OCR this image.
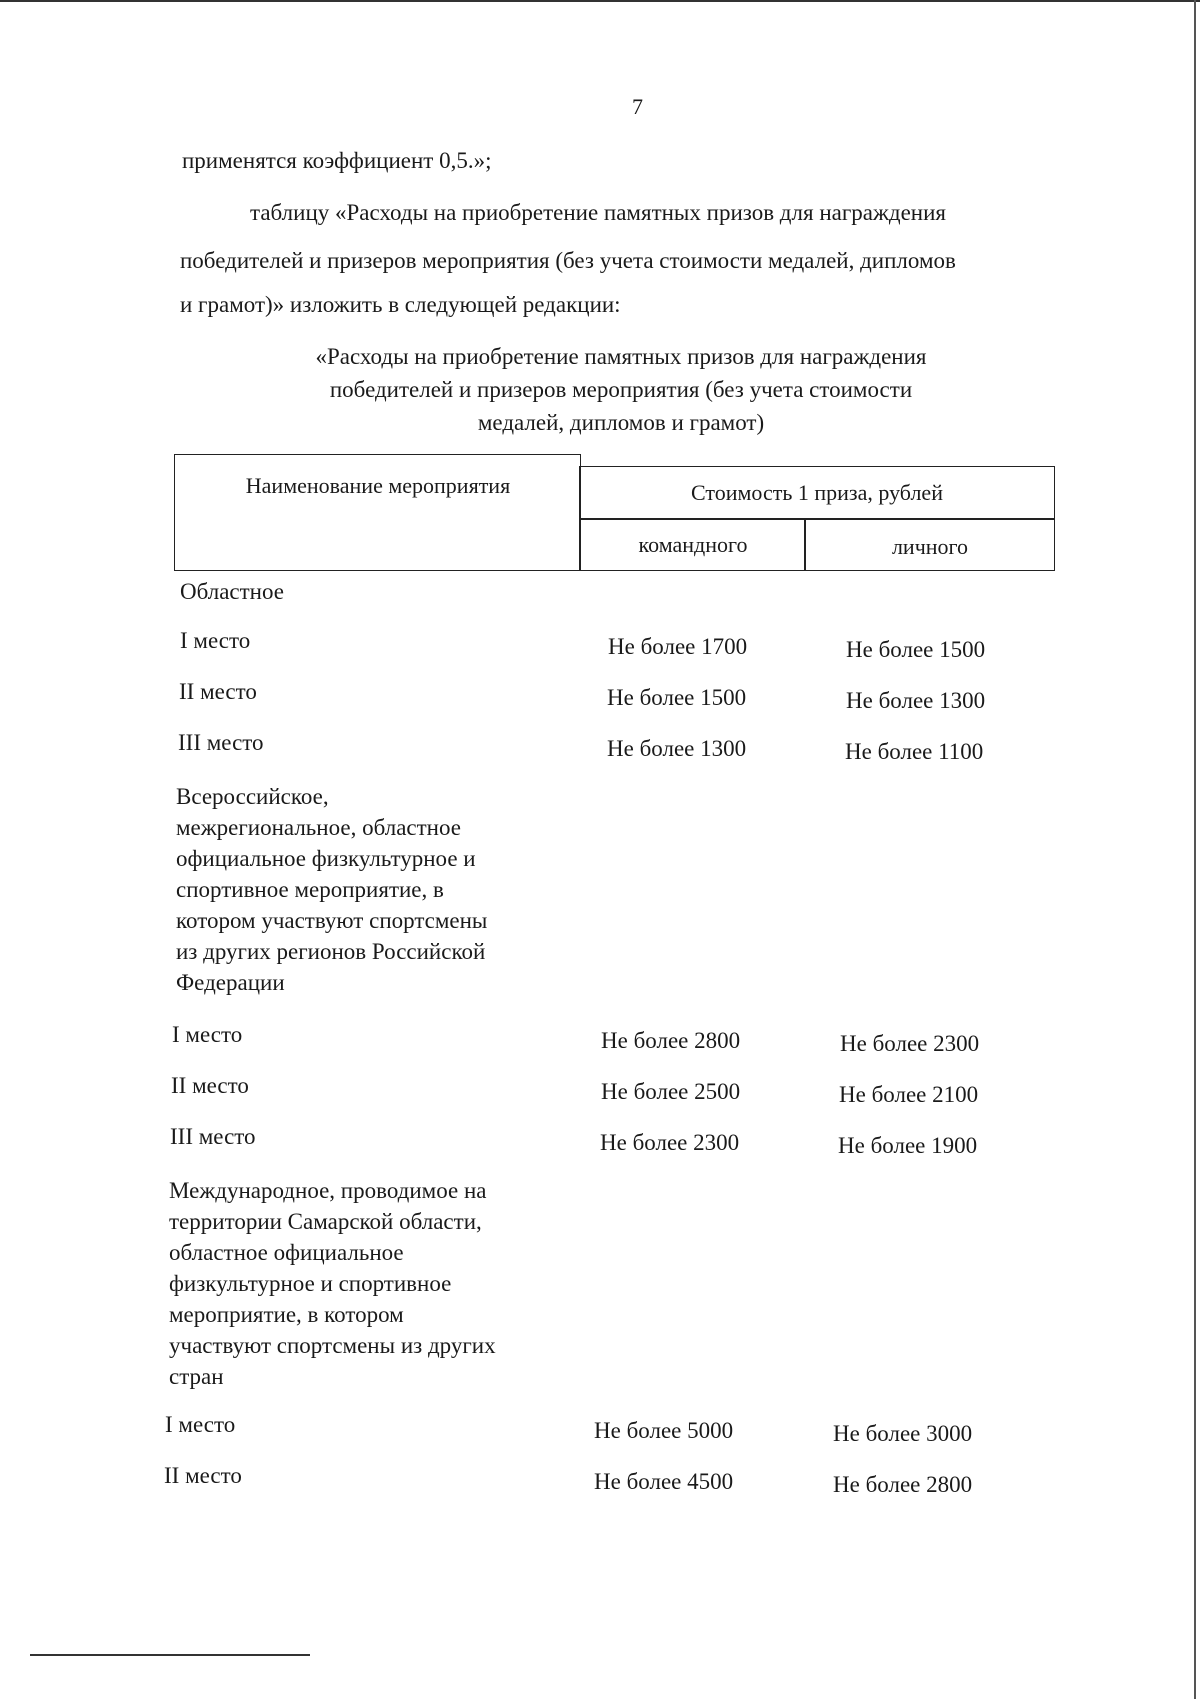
7
применятся коэффициент 0,5.»;
таблицу «Расходы на приобретение памятных призов для награждения
победителей и призеров мероприятия (без учета стоимости медалей, дипломов
и грамот)» изложить в следующей редакции:
«Расходы на приобретение памятных призов для награждения
победителей и призеров мероприятия (без учета стоимости
медалей, дипломов и грамот)
Наименование мероприятия	Стоимость 1 приза, рублей
командного	личного
Областное
I место	Не более 1700	Не более 1500
II место	Не более 1500	Не более 1300
III место	Не более 1300	Не более 1100
Всероссийское,
межрегиональное, областное
официальное физкультурное и
спортивное мероприятие, в
котором участвуют спортсмены
из других регионов Российской
Федерации
I место	Не более 2800	Не более 2300
II место	Не более 2500	Не более 2100
III место	Не более 2300	Не более 1900
Международное, проводимое на
территории Самарской области,
областное официальное
физкультурное и спортивное
мероприятие, в котором
участвуют спортсмены из других
стран
I место	Не более 5000	Не более 3000
II место	Не более 4500	Не более 2800
